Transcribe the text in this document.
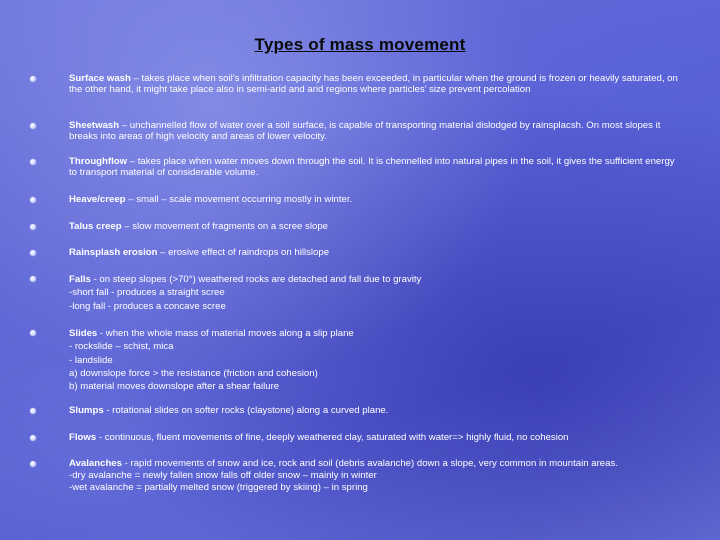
Types of mass movement
Surface wash – takes place when soil’s infiltration capacity has been exceeded, in particular when the ground is frozen or heavily saturated, on the other hand, it might take place also in semi-arid and arid regions where particles’ size prevent percolation
Sheetwash – unchannelled flow of water over a soil surface, is capable of transporting material dislodged by rainsplacsh. On most slopes it breaks into areas of high velocity and areas of lower velocity.
Throughflow – takes place when water moves down through the soil. It is chennelled into natural pipes in the soil, it gives the sufficient energy to transport material of considerable volume.
Heave/creep – small – scale movement occurring mostly in winter.
Talus creep – slow movement of fragments on a scree slope
Rainsplash erosion – erosive effect of raindrops on hillslope
Falls - on steep slopes (>70°) weathered rocks are detached and fall due to gravity
-short fall - produces a straight scree
-long fall - produces a concave scree
Slides - when the whole mass of material moves along a slip plane
- rockslide – schist, mica
- landslide
a) downslope force > the resistance (friction and cohesion)
b) material moves downslope after a shear failure
Slumps - rotational slides on softer rocks (claystone) along a curved plane.
Flows - continuous, fluent movements of fine, deeply weathered clay, saturated with water=> highly fluid, no cohesion
Avalanches - rapid movements of snow and ice, rock and soil (debris avalanche) down a slope, very common in mountain areas.
-dry avalanche = newly fallen snow falls off older snow – mainly in winter
-wet avalanche = partially melted snow (triggered by skiing) – in spring
